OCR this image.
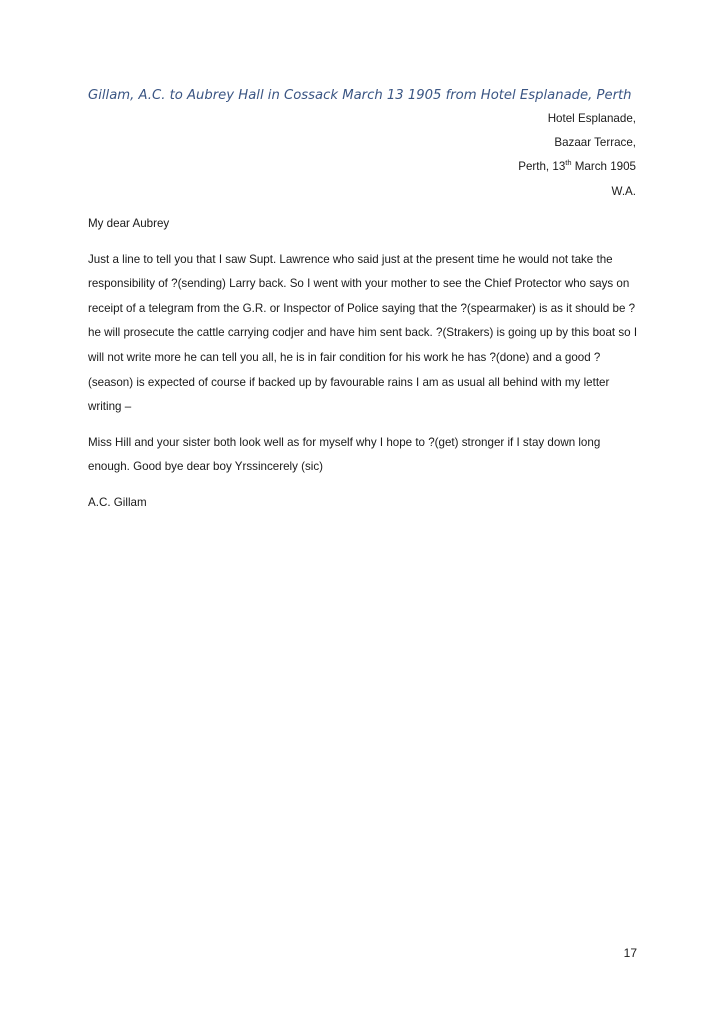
Gillam, A.C. to Aubrey Hall in Cossack March 13 1905 from Hotel Esplanade, Perth
Hotel Esplanade,
Bazaar Terrace,
Perth, 13th March 1905
W.A.

My dear Aubrey

Just a line to tell you that I saw Supt. Lawrence who said just at the present time he would not take the responsibility of ?(sending) Larry back. So I went with your mother to see the Chief Protector who says on receipt of a telegram from the G.R. or Inspector of Police saying that the ?(spearmaker) is as it should be ? he will prosecute the cattle carrying codjer and have him sent back. ?(Strakers) is going up by this boat so I will not write more he can tell you all, he is in fair condition for his work he has ?(done) and a good ?(season) is expected of course if backed up by favourable rains I am as usual all behind with my letter writing –

Miss Hill and your sister both look well as for myself why I hope to ?(get) stronger if I stay down long enough. Good bye dear boy Yrssincerely (sic)

A.C. Gillam

17
